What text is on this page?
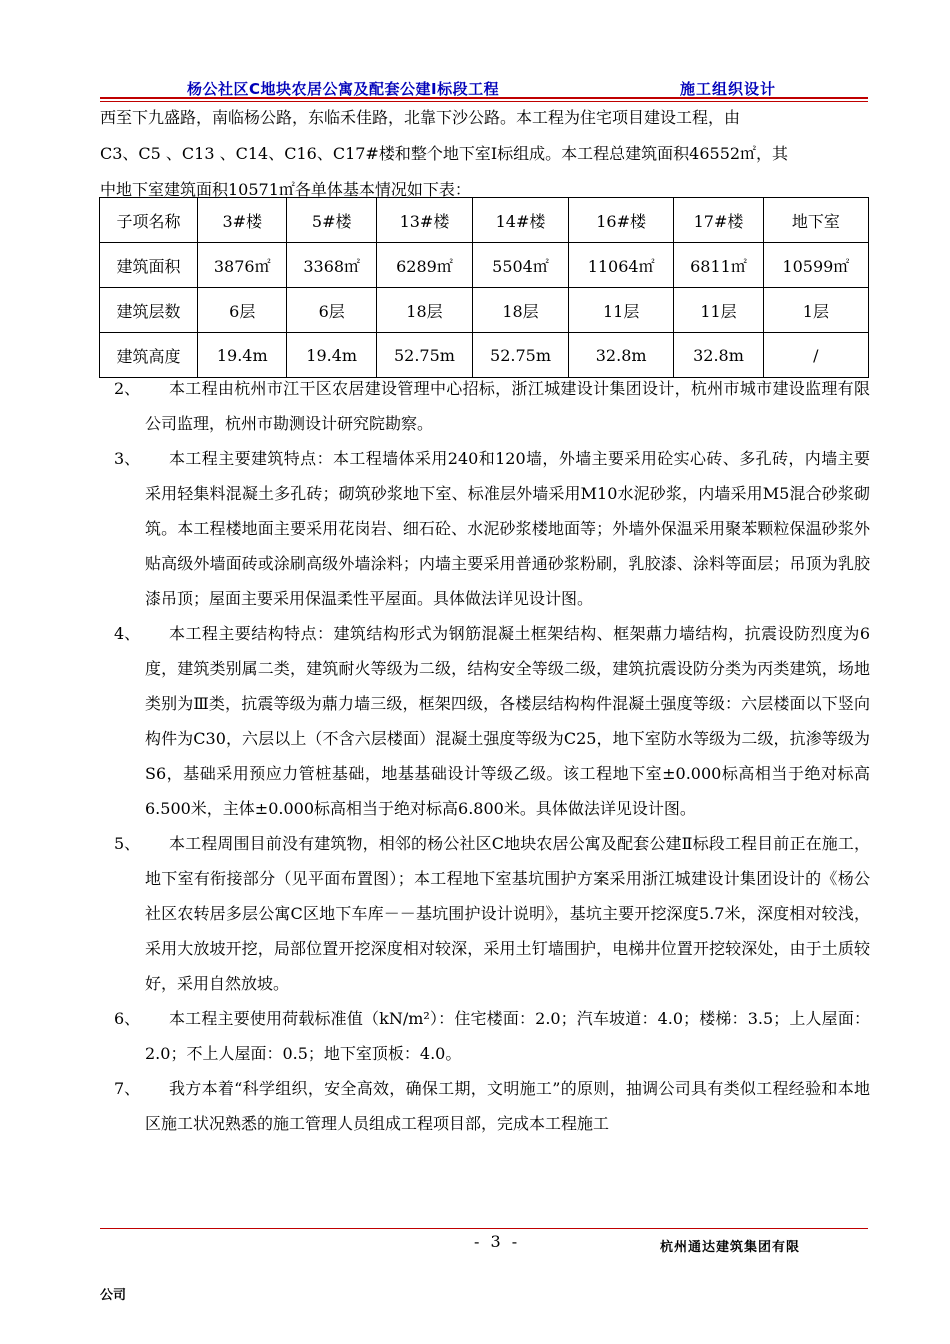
杨公社区C地块农居公寓及配套公建Ⅰ标段工程	施工组织设计
西至下九盛路，南临杨公路，东临禾佳路，北靠下沙公路。本工程为住宅项目建设工程，由
C3、C5 、C13 、C14、C16、C17#楼和整个地下室Ⅰ标组成。本工程总建筑面积46552㎡，其
中地下室建筑面积10571㎡各单体基本情况如下表：
子项名称	3#楼	5#楼	13#楼	14#楼	16#楼	17#楼	地下室
建筑面积	3876㎡	3368㎡	6289㎡	5504㎡	11064㎡	6811㎡	10599㎡
建筑层数	6层	6层	18层	18层	11层	11层	1层
建筑高度	19.4m	19.4m	52.75m	52.75m	32.8m	32.8m	/
2、	本工程由杭州市江干区农居建设管理中心招标，浙江城建设计集团设计，杭州市城市建设监理有限公司监理，杭州市勘测设计研究院勘察。
3、	本工程主要建筑特点：本工程墙体采用240和120墙，外墙主要采用砼实心砖、多孔砖，内墙主要采用轻集料混凝土多孔砖；砌筑砂浆地下室、标准层外墙采用M10水泥砂浆，内墙采用M5混合砂浆砌筑。本工程楼地面主要采用花岗岩、细石砼、水泥砂浆楼地面等；外墙外保温采用聚苯颗粒保温砂浆外贴高级外墙面砖或涂刷高级外墙涂料；内墙主要采用普通砂浆粉刷，乳胶漆、涂料等面层；吊顶为乳胶漆吊顶；屋面主要采用保温柔性平屋面。具体做法详见设计图。
4、	本工程主要结构特点：建筑结构形式为钢筋混凝土框架结构、框架薡力墙结构，抗震设防烈度为6度，建筑类别属二类，建筑耐火等级为二级，结构安全等级二级，建筑抗震设防分类为丙类建筑，场地类别为Ⅲ类，抗震等级为薡力墙三级，框架四级，各楼层结构构件混凝土强度等级：六层楼面以下竖向构件为C30，六层以上（不含六层楼面）混凝土强度等级为C25，地下室防水等级为二级，抗渗等级为S6，基础采用预应力管桩基础，地基基础设计等级乙级。该工程地下室±0.000标高相当于绝对标高6.500米，主体±0.000标高相当于绝对标高6.800米。具体做法详见设计图。
5、	本工程周围目前没有建筑物，相邻的杨公社区C地块农居公寓及配套公建Ⅱ标段工程目前正在施工，地下室有衔接部分（见平面布置图）；本工程地下室基坑围护方案采用浙江城建设计集团设计的《杨公社区农转居多层公寓C区地下车库－－基坑围护设计说明》，基坑主要开挖深度5.7米，深度相对较浅，采用大放坡开挖，局部位置开挖深度相对较深，采用土钉墙围护，电梯井位置开挖较深处，由于土质较好，采用自然放坡。
6、	本工程主要使用荷载标准值（kN/m²）：住宅楼面：2.0；汽车坡道：4.0；楼梯：3.5；上人屋面：2.0；不上人屋面：0.5；地下室顶板：4.0。
7、	我方本着“科学组织，安全高效，确保工期，文明施工”的原则，抽调公司具有类似工程经验和本地区施工状况熟悉的施工管理人员组成工程项目部，完成本工程施工
- 3 -	杭州通达建筑集团有限
公司
